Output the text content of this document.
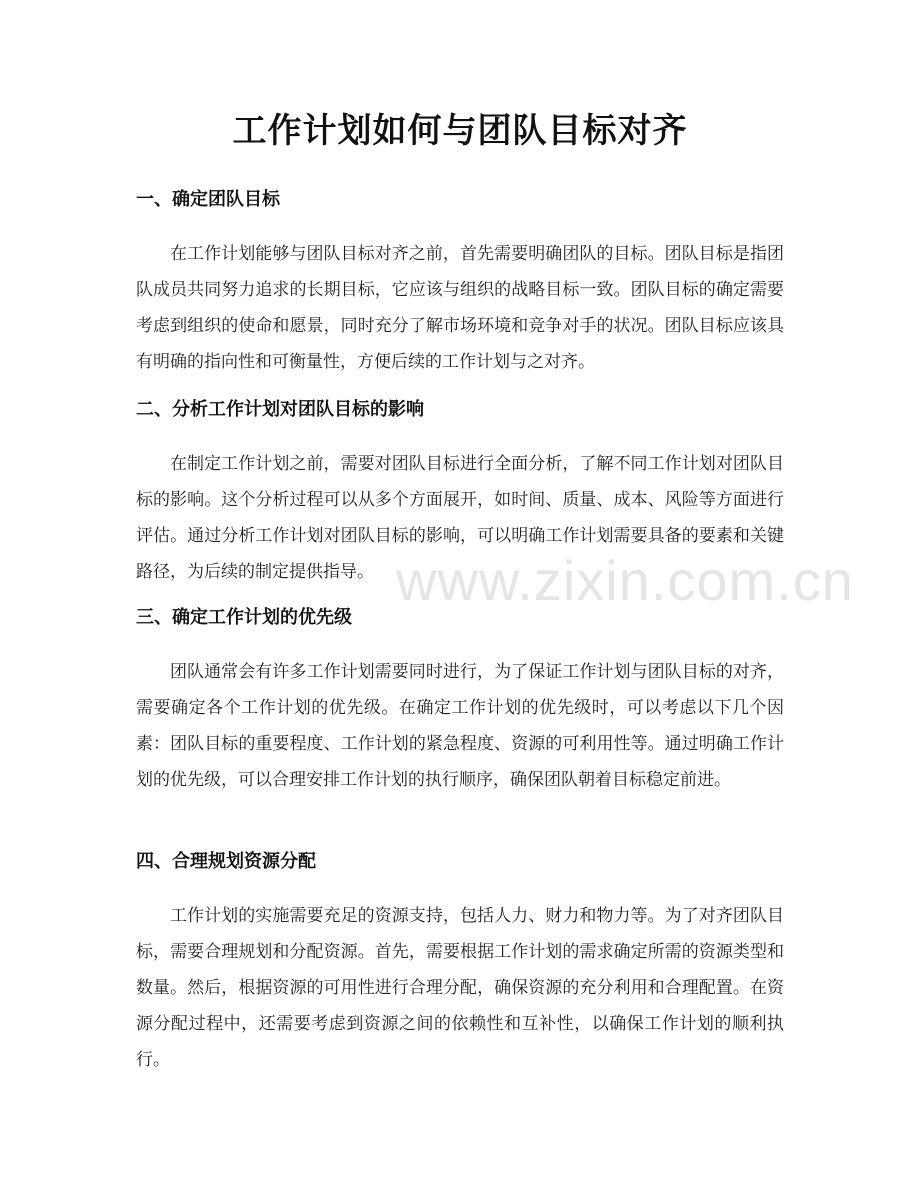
工作计划如何与团队目标对齐
一、确定团队目标

在工作计划能够与团队目标对齐之前，首先需要明确团队的目标。团队目标是指团队成员共同努力追求的长期目标，它应该与组织的战略目标一致。团队目标的确定需要考虑到组织的使命和愿景，同时充分了解市场环境和竞争对手的状况。团队目标应该具有明确的指向性和可衡量性，方便后续的工作计划与之对齐。

二、分析工作计划对团队目标的影响

在制定工作计划之前，需要对团队目标进行全面分析，了解不同工作计划对团队目标的影响。这个分析过程可以从多个方面展开，如时间、质量、成本、风险等方面进行评估。通过分析工作计划对团队目标的影响，可以明确工作计划需要具备的要素和关键路径，为后续的制定提供指导。

三、确定工作计划的优先级

团队通常会有许多工作计划需要同时进行，为了保证工作计划与团队目标的对齐，需要确定各个工作计划的优先级。在确定工作计划的优先级时，可以考虑以下几个因素：团队目标的重要程度、工作计划的紧急程度、资源的可利用性等。通过明确工作计划的优先级，可以合理安排工作计划的执行顺序，确保团队朝着目标稳定前进。

四、合理规划资源分配

工作计划的实施需要充足的资源支持，包括人力、财力和物力等。为了对齐团队目标，需要合理规划和分配资源。首先，需要根据工作计划的需求确定所需的资源类型和数量。然后，根据资源的可用性进行合理分配，确保资源的充分利用和合理配置。在资源分配过程中，还需要考虑到资源之间的依赖性和互补性，以确保工作计划的顺利执行。

www.zixin.com.cn
